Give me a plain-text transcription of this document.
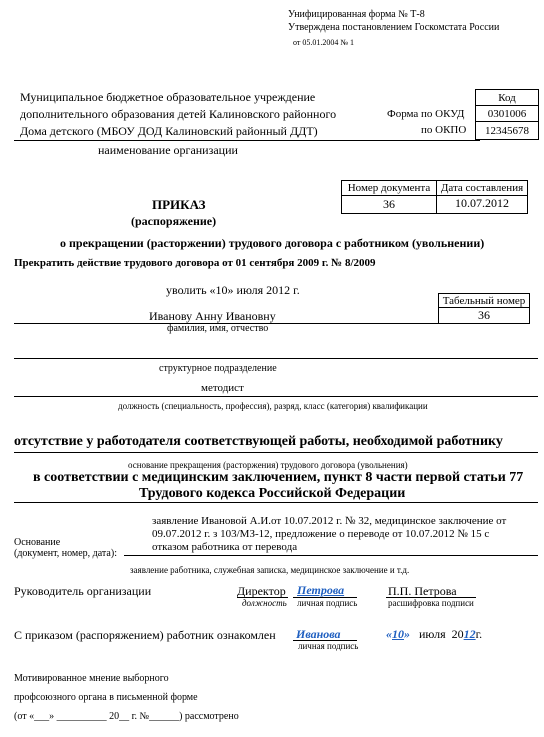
Унифицированная форма № Т-8
Утверждена постановлением Госкомстата России
от 05.01.2004 № 1
Муниципальное бюджетное образовательное учреждение
дополнительного образования детей Калиновского районного
Дома детского (МБОУ ДОД Калиновский районный ДДТ)
наименование организации
Код
0301006
12345678
Форма по ОКУД
по ОКПО
Номер документа Дата составления
36	10.07.2012
ПРИКАЗ
(распоряжение)
о прекращении (расторжении) трудового договора с работником (увольнении)
Прекратить действие трудового договора от 01 сентября 2009 г. № 8/2009
уволить «10» июля 2012 г.
Табельный номер
36
Иванову Анну Ивановну
фамилия, имя, отчество
структурное подразделение
методист
должность (специальность, профессия), разряд, класс (категория) квалификации
отсутствие у работодателя соответствующей работы, необходимой работнику
основание прекращения (расторжения) трудового договора (увольнения)
в соответствии с медицинским заключением, пункт 8 части первой статьи 77
Трудового кодекса Российской Федерации
заявление Ивановой А.И.от 10.07.2012 г. № 32, медицинское заключение от
09.07.2012 г. з 103/МЗ-12, предложение о переводе от 10.07.2012 № 15 с
отказом работника от перевода
Основание
(документ, номер, дата):
заявление работника, служебная записка, медицинское заключение и т.д.
Руководитель организации	Директор
должность
Петрова
личная подпись
П.П. Петрова
расшифровка подписи
С приказом (распоряжением) работник ознакомлен Иванова
личная подпись
«10» июля 2012г.
Мотивированное мнение выборного
профсоюзного органа в письменной форме
(от «___» __________ 20__ г. №______) рассмотрено
